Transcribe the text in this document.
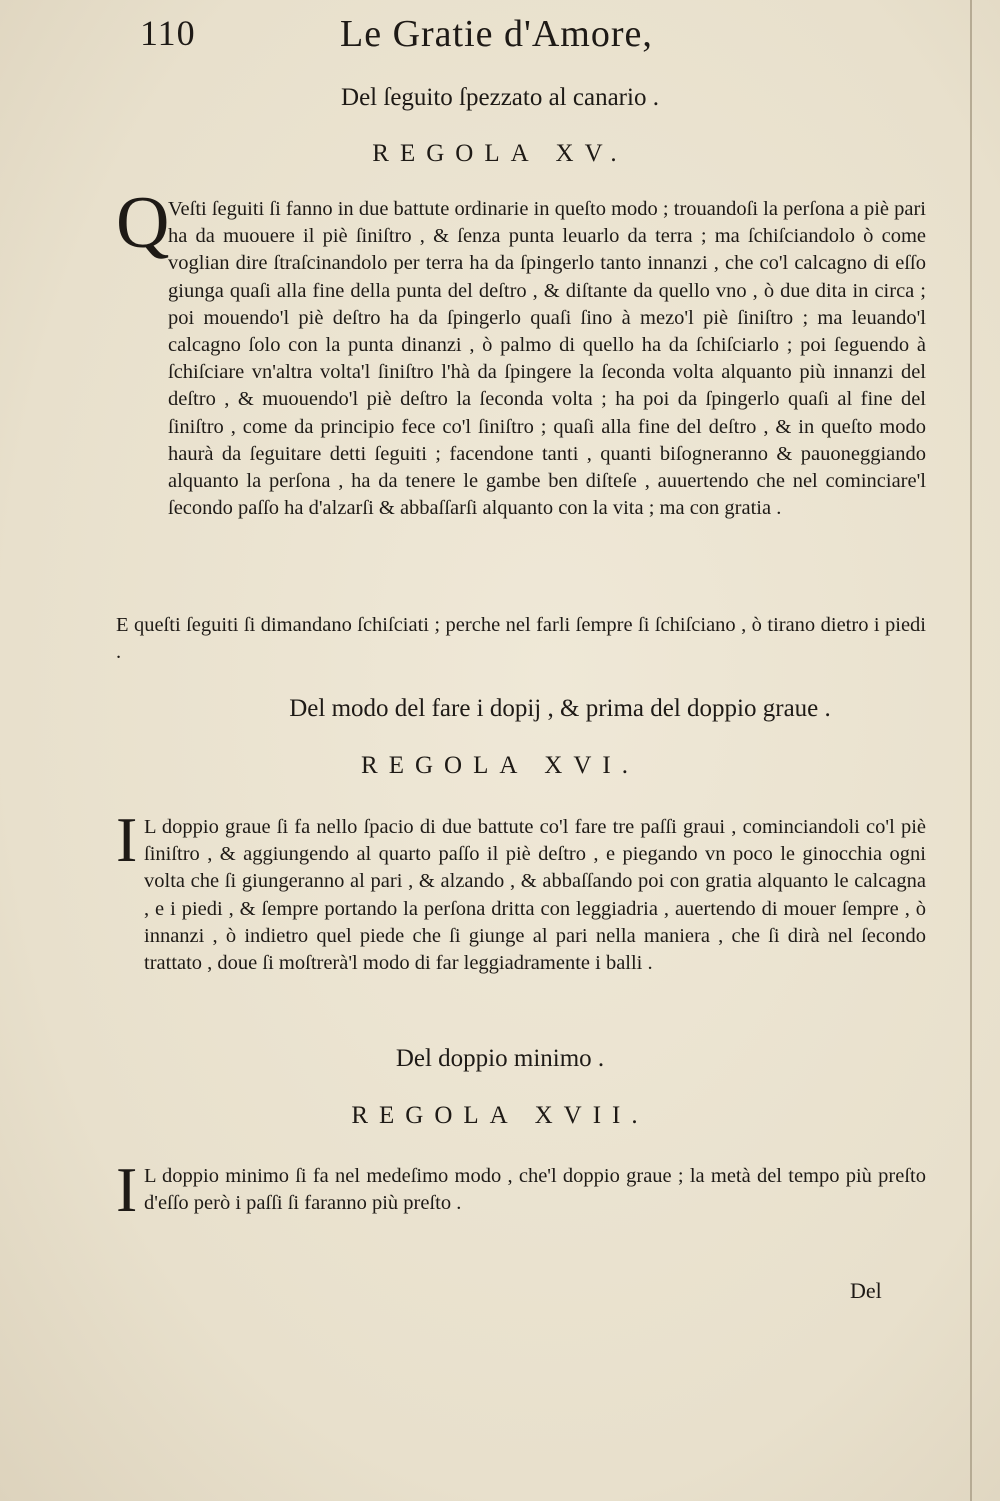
110	Le Gratie d'Amore,
Del ſeguito ſpezzato al canario .
REGOLA XV.
Q

Veſti ſeguiti ſi fanno in due battute ordinarie in queſto modo ; trouandoſi la perſona a piè pari ha da muouere il piè ſiniſtro , & ſenza punta leuarlo da terra ; ma ſchiſciandolo ò come voglian dire ſtraſcinandolo per terra ha da ſpingerlo tanto innanzi , che co'l calcagno di eſſo giunga quaſi alla fine della punta del deſtro , & diſtante da quello vno , ò due dita in circa ; poi mouendo'l piè deſtro ha da ſpingerlo quaſi ſino à mezo'l piè ſiniſtro ; ma leuando'l calcagno ſolo con la punta dinanzi , ò palmo di quello ha da ſchiſciarlo ; poi ſeguendo à ſchiſciare vn'altra volta'l ſiniſtro l'hà da ſpingere la ſeconda volta alquanto più innanzi del deſtro , & muouendo'l piè deſtro la ſeconda volta ; ha poi da ſpingerlo quaſi al fine del ſiniſtro , come da principio fece co'l ſiniſtro ; quaſi alla fine del deſtro , & in queſto modo haurà da ſeguitare detti ſeguiti ; facendone tanti , quanti biſogneranno & pauoneggiando alquanto la perſona , ha da tenere le gambe ben diſteſe , auuertendo che nel cominciare'l ſecondo paſſo ha d'alzarſi & abbaſſarſi alquanto con la vita ; ma con gratia .

E queſti ſeguiti ſi dimandano ſchiſciati ; perche nel farli ſempre ſi ſchiſciano , ò tirano dietro i piedi .

Del modo del fare i dopij , & prima del doppio graue .
REGOLA XVI.
I L doppio graue ſi fa nello ſpacio di due battute co'l fare tre paſſi graui , cominciandoli co'l piè ſiniſtro , & aggiungendo al quarto paſſo il piè deſtro , e piegando vn poco le ginocchia ogni volta che ſi giungeranno al pari , & alzando , & abbaſſando poi con gratia alquanto le calcagna , e i piedi , & ſempre portando la perſona dritta con leggiadria , auertendo di mouer ſempre , ò innanzi , ò indietro quel piede che ſi giunge al pari nella maniera , che ſi dirà nel ſecondo trattato , doue ſi moſtrerà'l modo di far leggiadramente i balli .

Del doppio minimo .
REGOLA XVII.
I L doppio minimo ſi fa nel medeſimo modo , che'l doppio graue ; la metà del tempo più preſto d'eſſo però i paſſi ſi faranno più preſto .

Del
